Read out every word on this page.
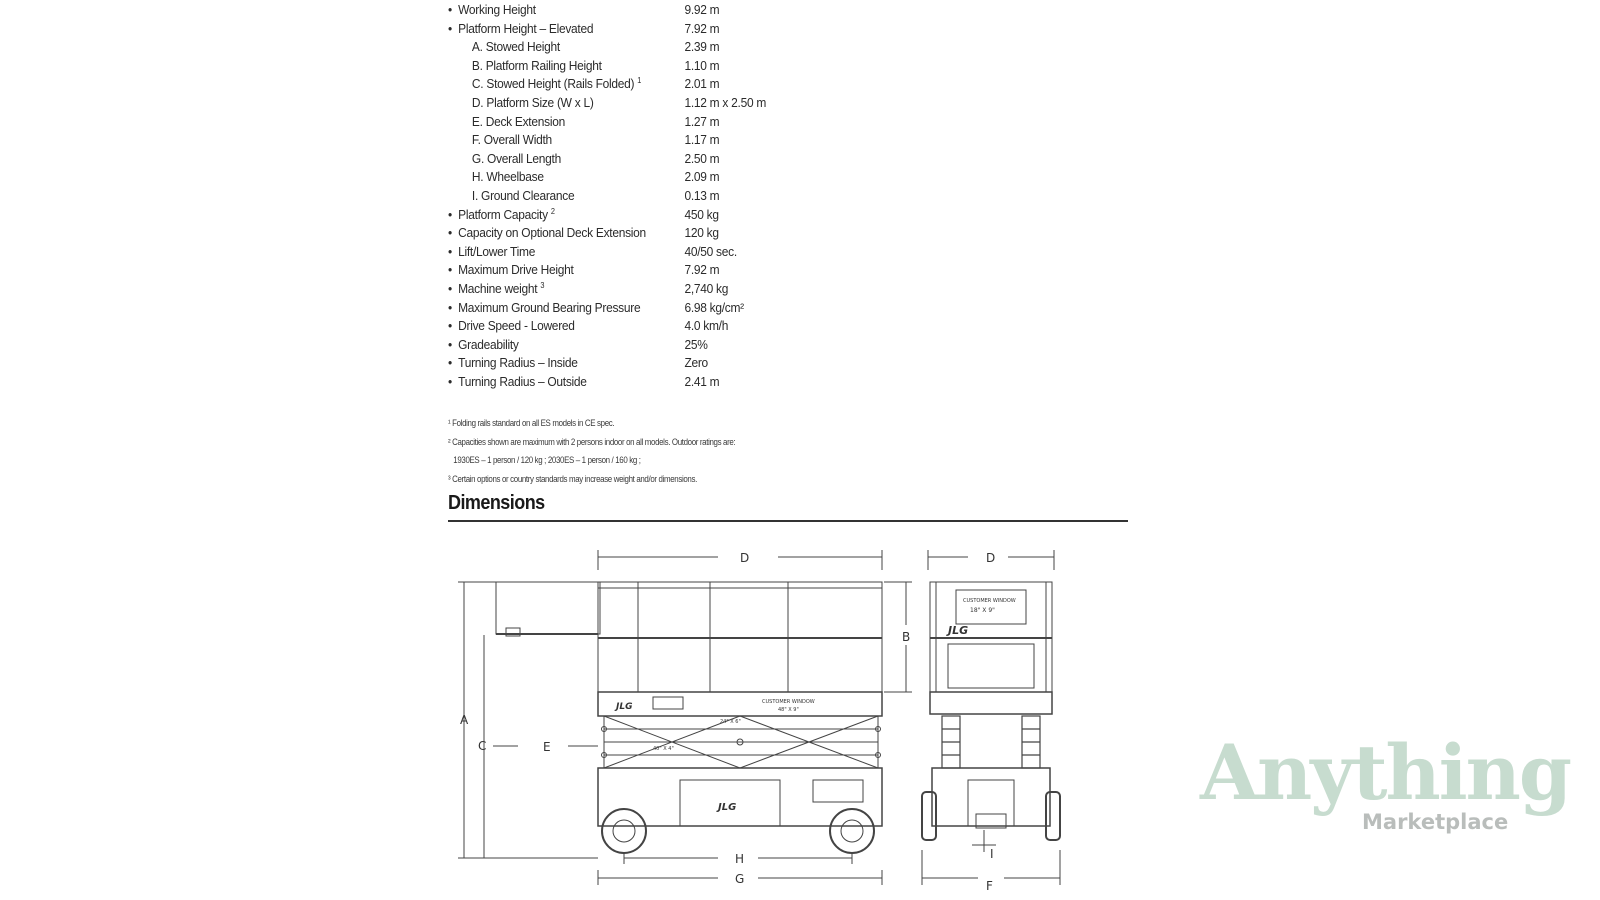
• Working Height	9.92 m
• Platform Height – Elevated	7.92 m
A. Stowed Height	2.39 m
B. Platform Railing Height	1.10 m
C. Stowed Height (Rails Folded) $^1$	2.01 m
D. Platform Size (W x L)	1.12 m x 2.50 m
E. Deck Extension	1.27 m
F. Overall Width	1.17 m
G. Overall Length	2.50 m
H. Wheelbase	2.09 m
I. Ground Clearance	0.13 m
• Platform Capacity $^2$	450 kg
• Capacity on Optional Deck Extension	120 kg
• Lift/Lower Time	40/50 sec.
• Maximum Drive Height	7.92 m
• Machine weight $^3$	2,740 kg
• Maximum Ground Bearing Pressure	6.98 kg/cm²
• Drive Speed - Lowered	4.0 km/h
• Gradeability	25%
• Turning Radius – Inside	Zero
• Turning Radius – Outside	2.41 m
¹ Folding rails standard on all ES models in CE spec.
² Capacities shown are maximum with 2 persons indoor on all models. Outdoor ratings are:
1930ES – 1 person / 120 kg ; 2030ES – 1 person / 160 kg ;
³ Certain options or country standards may increase weight and/or dimensions.
Dimensions
D
A
C	E
B
JLG	CUSTOMER WINDOW
48" X 9"
24" X 6"
40" X 4"
JLG
H
G
D
CUSTOMER WINDOW
18" X 9"
JLG
I
F
Anything
Marketplace
